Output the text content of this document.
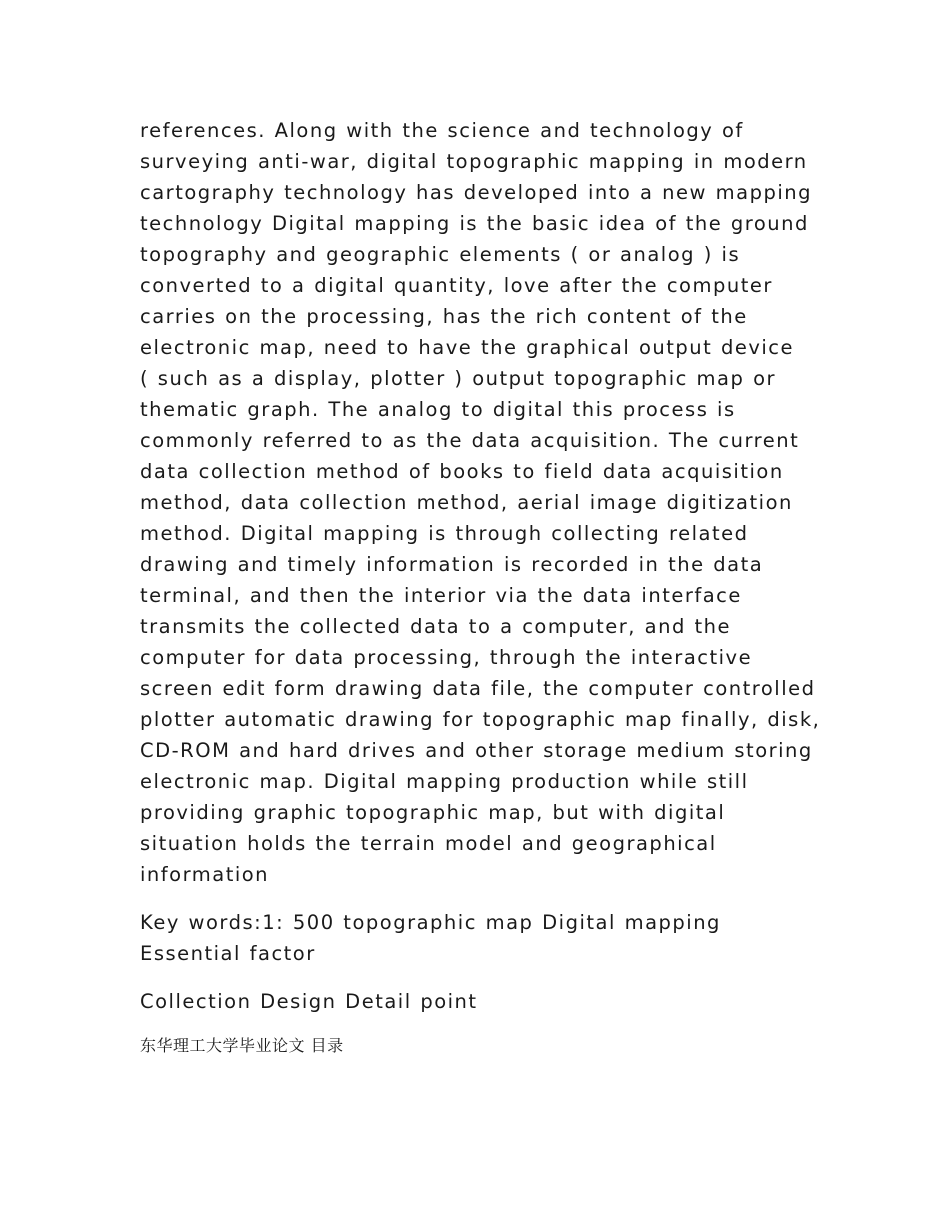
references. Along with the science and technology of
surveying anti-war, digital topographic mapping in modern
cartography technology has developed into a new mapping
technology Digital mapping is the basic idea of the ground
topography and geographic elements ( or analog ) is
converted to a digital quantity, love after the computer
carries on the processing, has the rich content of the
electronic map, need to have the graphical output device
( such as a display, plotter ) output topographic map or
thematic graph. The analog to digital this process is
commonly referred to as the data acquisition. The current
data collection method of books to field data acquisition
method, data collection method, aerial image digitization
method. Digital mapping is through collecting related
drawing and timely information is recorded in the data
terminal, and then the interior via the data interface
transmits the collected data to a computer, and the
computer for data processing, through the interactive
screen edit form drawing data file, the computer controlled
plotter automatic drawing for topographic map finally, disk,
CD-ROM and hard drives and other storage medium storing
electronic map. Digital mapping production while still
providing graphic topographic map, but with digital
situation holds the terrain model and geographical
information

Key words:1: 500 topographic map Digital mapping
Essential factor

Collection Design Detail point

东华理工大学毕业论文 目录
